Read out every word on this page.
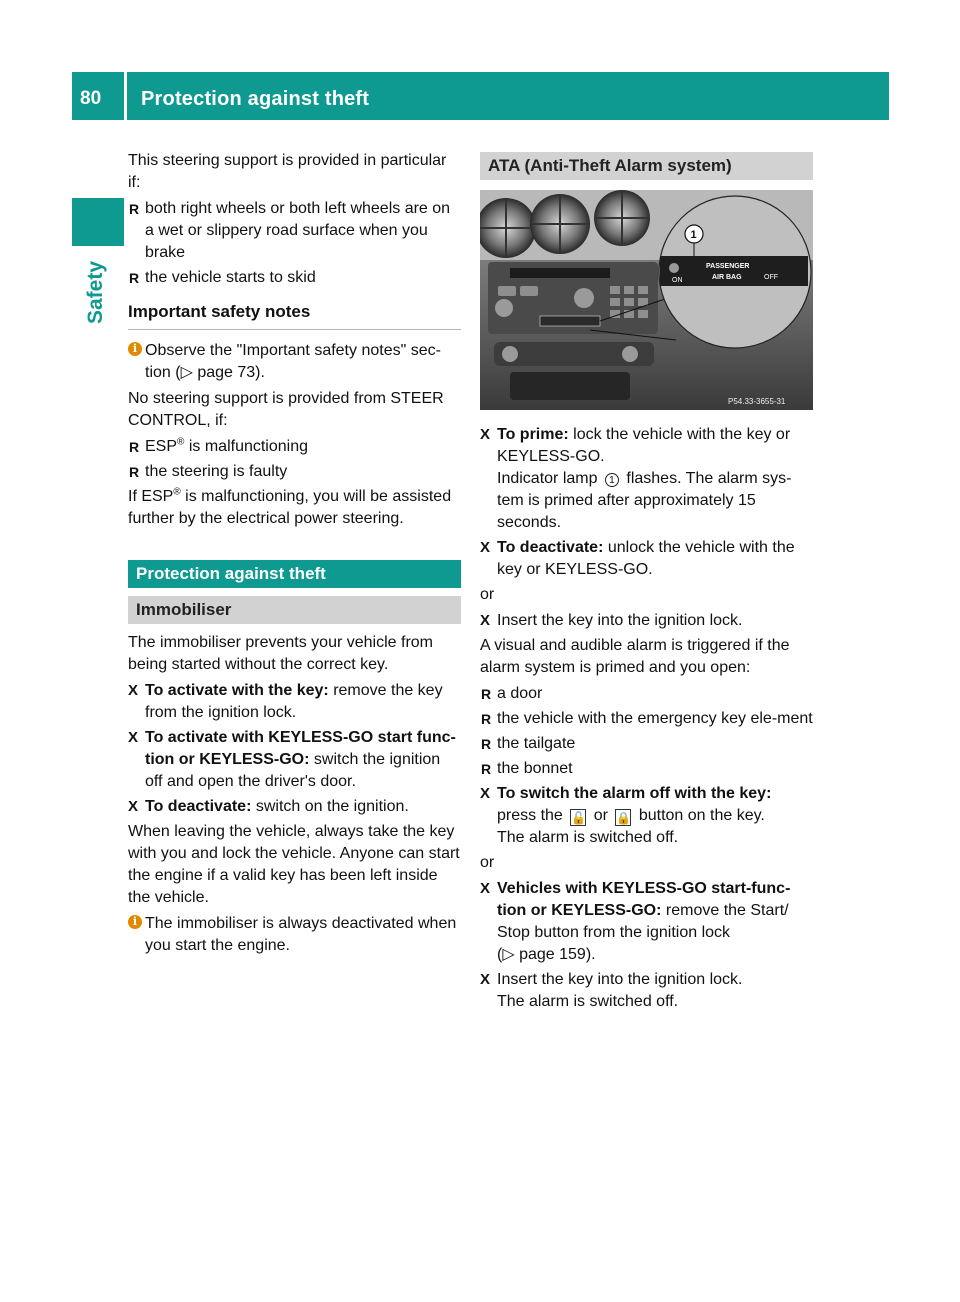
80 Protection against theft
Safety
This steering support is provided in particular if:
R both right wheels or both left wheels are on a wet or slippery road surface when you brake
R the vehicle starts to skid
Important safety notes
i Observe the "Important safety notes" sec-tion (▷ page 73).
No steering support is provided from STEER CONTROL, if:
R ESP® is malfunctioning
R the steering is faulty
If ESP® is malfunctioning, you will be assisted further by the electrical power steering.
Protection against theft
Immobiliser
The immobiliser prevents your vehicle from being started without the correct key.
X To activate with the key: remove the key from the ignition lock.
X To activate with KEYLESS-GO start func-tion or KEYLESS-GO: switch the ignition off and open the driver's door.
X To deactivate: switch on the ignition.
When leaving the vehicle, always take the key with you and lock the vehicle. Anyone can start the engine if a valid key has been left inside the vehicle.
i The immobiliser is always deactivated when you start the engine.
ATA (Anti-Theft Alarm system)
ON
PASSENGER
AIR BAG	OFF
1
P54.33-3655-31
X To prime: lock the vehicle with the key or KEYLESS-GO.
Indicator lamp 1 flashes. The alarm sys-tem is primed after approximately 15 seconds.
X To deactivate: unlock the vehicle with the key or KEYLESS-GO.
or
X Insert the key into the ignition lock.
A visual and audible alarm is triggered if the alarm system is primed and you open:
R a door
R the vehicle with the emergency key ele-ment
R the tailgate
R the bonnet
X To switch the alarm off with the key:
press the 🔓 or 🔒 button on the key.
The alarm is switched off.
or
X Vehicles with KEYLESS-GO start-func-tion or KEYLESS-GO: remove the Start/ Stop button from the ignition lock
(▷ page 159).
X Insert the key into the ignition lock.
The alarm is switched off.
